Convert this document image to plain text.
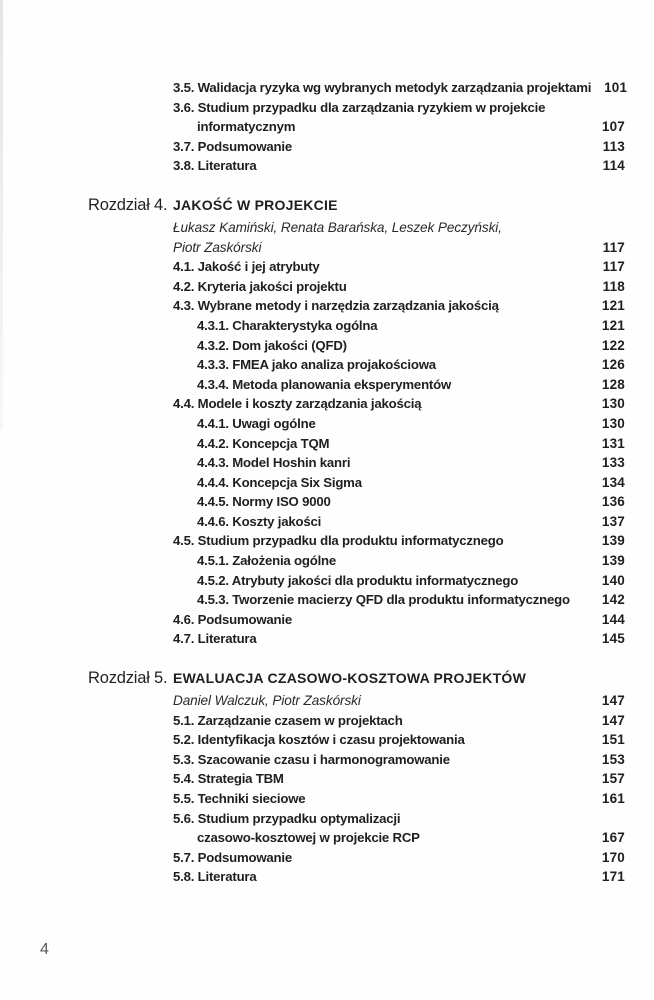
3.5. Walidacja ryzyka wg wybranych metodyk zarządzania projektami 101
3.6. Studium przypadku dla zarządzania ryzykiem w projekcie
informatycznym	107
3.7. Podsumowanie	113
3.8. Literatura	114
Rozdział 4. JAKOŚĆ W PROJEKCIE
Łukasz Kamiński, Renata Barańska, Leszek Peczyński,
Piotr Zaskórski	117
4.1. Jakość i jej atrybuty	117
4.2. Kryteria jakości projektu	118
4.3. Wybrane metody i narzędzia zarządzania jakością	121
4.3.1. Charakterystyka ogólna	121
4.3.2. Dom jakości (QFD)	122
4.3.3. FMEA jako analiza projakościowa	126
4.3.4. Metoda planowania eksperymentów	128
4.4. Modele i koszty zarządzania jakością	130
4.4.1. Uwagi ogólne	130
4.4.2. Koncepcja TQM	131
4.4.3. Model Hoshin kanri	133
4.4.4. Koncepcja Six Sigma	134
4.4.5. Normy ISO 9000	136
4.4.6. Koszty jakości	137
4.5. Studium przypadku dla produktu informatycznego	139
4.5.1. Założenia ogólne	139
4.5.2. Atrybuty jakości dla produktu informatycznego	140
4.5.3. Tworzenie macierzy QFD dla produktu informatycznego	142
4.6. Podsumowanie	144
4.7. Literatura	145
Rozdział 5. EWALUACJA CZASOWO-KOSZTOWA PROJEKTÓW
Daniel Walczuk, Piotr Zaskórski	147
5.1. Zarządzanie czasem w projektach	147
5.2. Identyfikacja kosztów i czasu projektowania	151
5.3. Szacowanie czasu i harmonogramowanie	153
5.4. Strategia TBM	157
5.5. Techniki sieciowe	161
5.6. Studium przypadku optymalizacji
czasowo-kosztowej w projekcie RCP	167
5.7. Podsumowanie	170
5.8. Literatura	171
4
